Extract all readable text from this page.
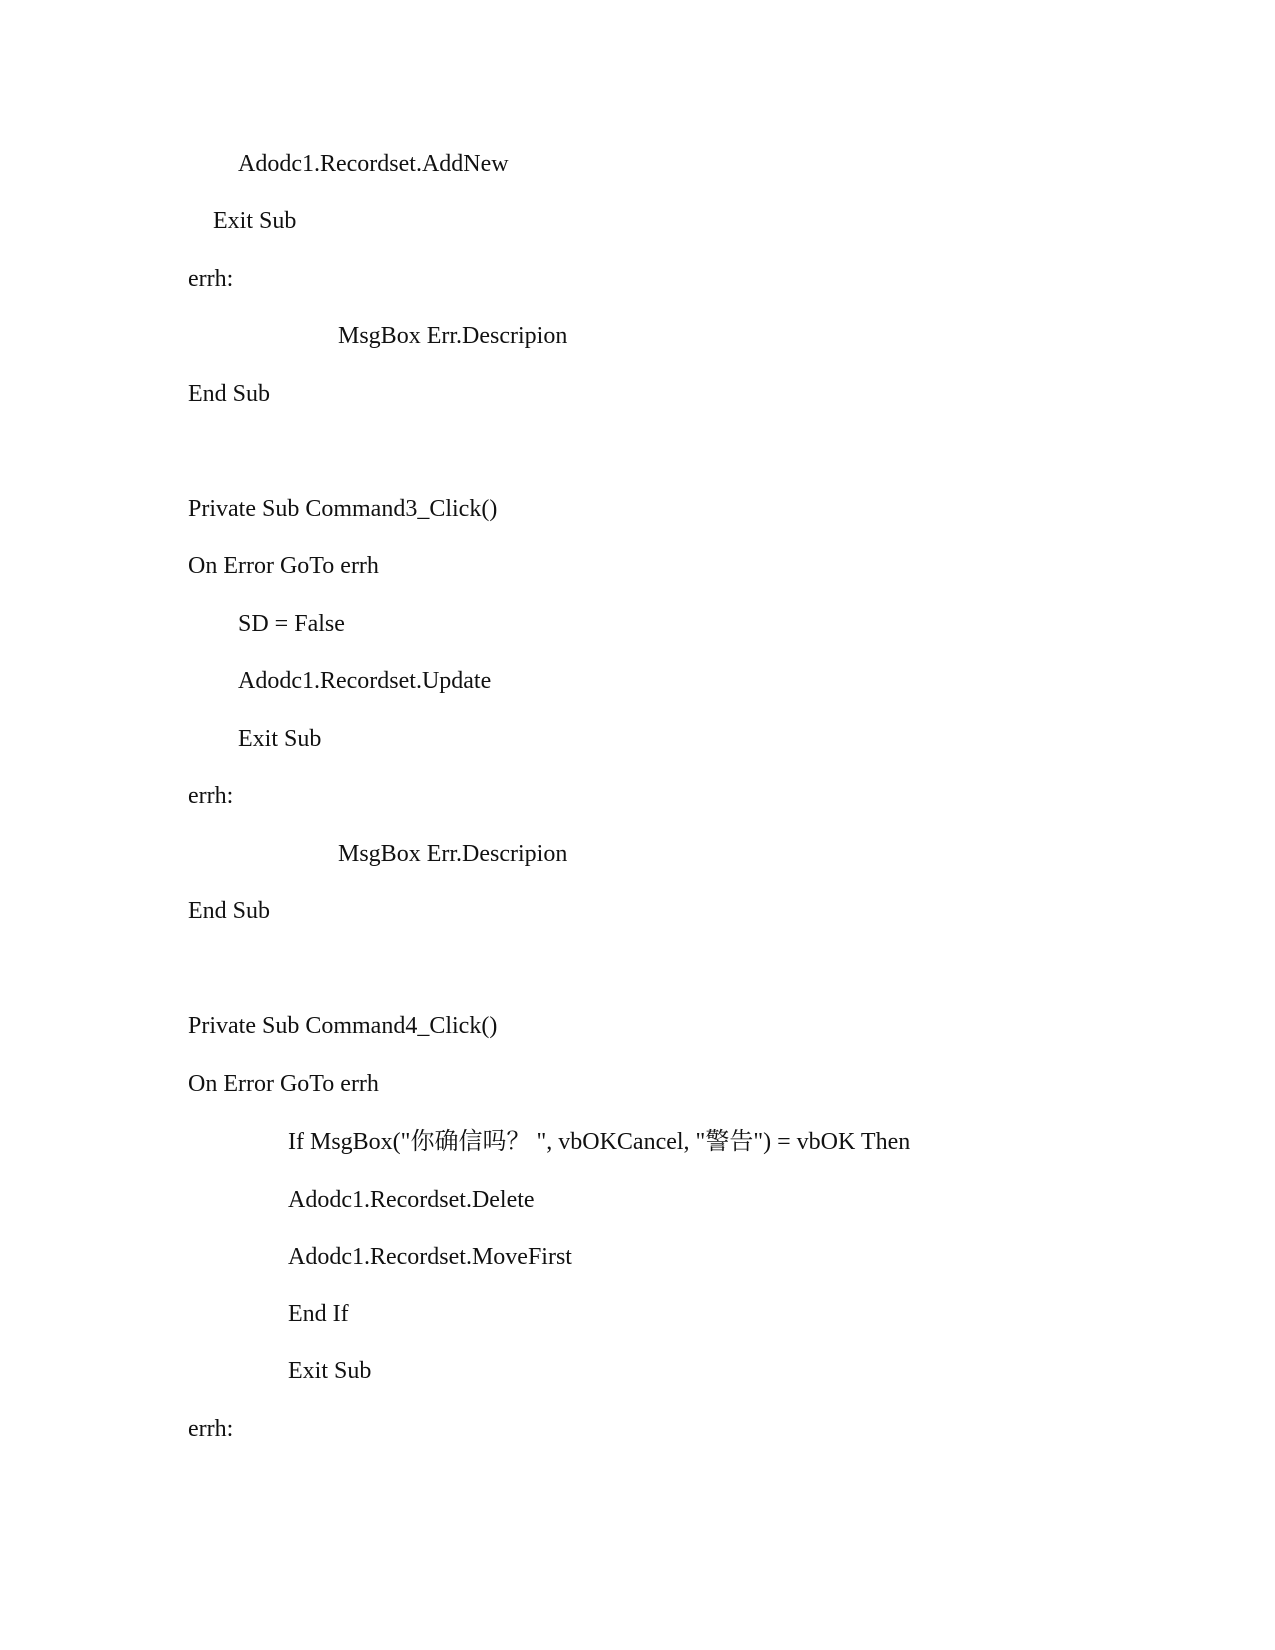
Adodc1.Recordset.AddNew

Exit Sub

errh:

MsgBox Err.Descripion

End Sub

Private Sub Command3_Click()

On Error GoTo errh

SD = False

Adodc1.Recordset.Update

Exit Sub

errh:

MsgBox Err.Descripion

End Sub

Private Sub Command4_Click()

On Error GoTo errh

If MsgBox("你确信吗？ ", vbOKCancel, "警告") = vbOK Then

Adodc1.Recordset.Delete

Adodc1.Recordset.MoveFirst

End If

Exit Sub

errh:
